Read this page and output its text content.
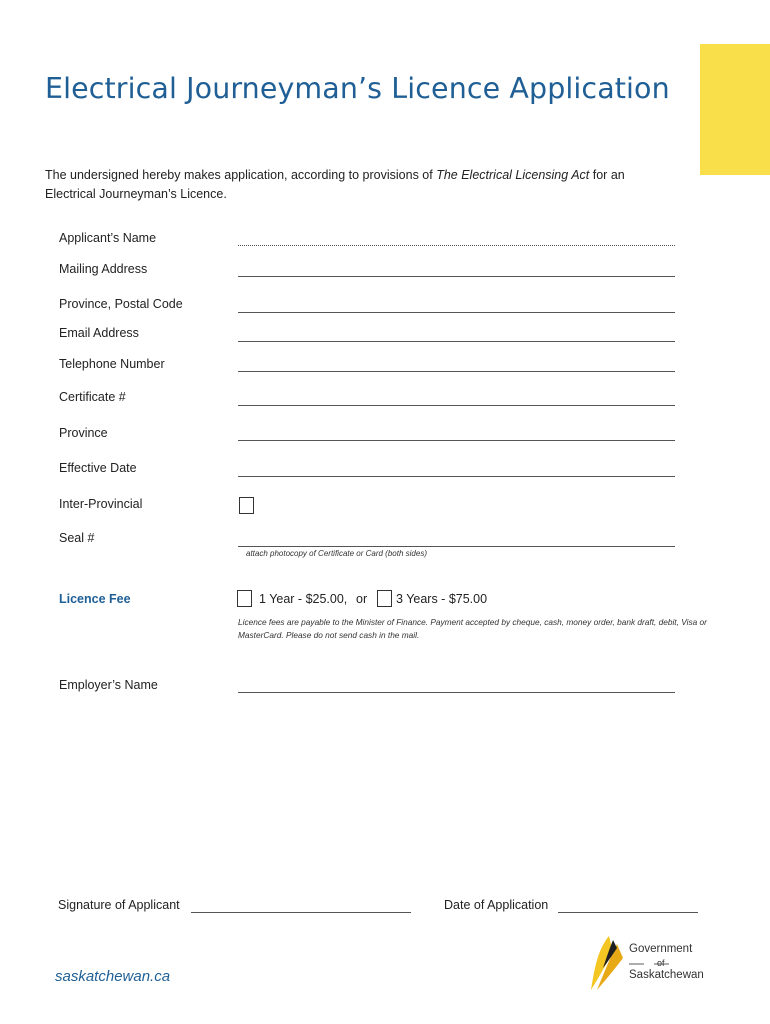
Electrical Journeyman’s Licence Application
The undersigned hereby makes application, according to provisions of The Electrical Licensing Act for an Electrical Journeyman’s Licence.
Applicant’s Name
Mailing Address
Province, Postal Code
Email Address
Telephone Number
Certificate #
Province
Effective Date
Inter-Provincial
Seal #
attach photocopy of Certificate or Card (both sides)
Licence Fee	1 Year - $25.00, or 3 Years - $75.00
Licence fees are payable to the Minister of Finance. Payment accepted by cheque, cash, money order, bank draft, debit, Visa or MasterCard. Please do not send cash in the mail.
Employer’s Name
Signature of Applicant	Date of Application
saskatchewan.ca
Government
of
Saskatchewan
